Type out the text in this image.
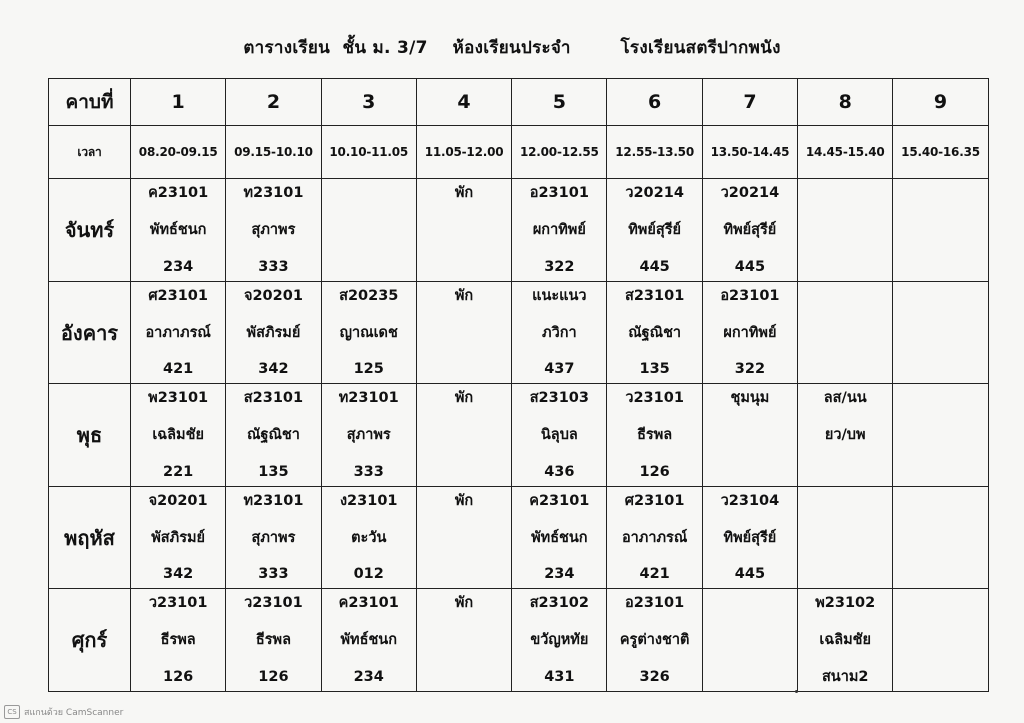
ตารางเรียน  ชั้น ม. 3/7    ห้องเรียนประจำ        โรงเรียนสตรีปากพนัง
คาบที่	1	2	3	4	5	6	7	8	9
เวลา	08.20-09.15	09.15-10.10	10.10-11.05	11.05-12.00	12.00-12.55	12.55-13.50	13.50-14.45	14.45-15.40	15.40-16.35
จันทร์	ค23101
พัทธ์ชนก
234	ท23101
สุภาพร
333		พัก	อ23101
ผกาทิพย์
322	ว20214
ทิพย์สุรีย์
445	ว20214
ทิพย์สุรีย์
445		

อังคาร	ศ23101
อาภาภรณ์
421	จ20201
พัสภิรมย์
342	ส20235
ญาณเดช
125	พัก	แนะแนว
ภวิกา
437	ส23101
ณัฐณิชา
135	อ23101
ผกาทิพย์
322		

พุธ	พ23101
เฉลิมชัย
221	ส23101
ณัฐณิชา
135	ท23101
สุภาพร
333	พัก	ส23103
นิลุบล
436	ว23101
ธีรพล
126	ชุมนุม	ลส/นน
ยว/บพ	

พฤหัส	จ20201
พัสภิรมย์
342	ท23101
สุภาพร
333	ง23101
ตะวัน
012	พัก	ค23101
พัทธ์ชนก
234	ศ23101
อาภาภรณ์
421	ว23104
ทิพย์สุรีย์
445		

ศุกร์	ว23101
ธีรพล
126	ว23101
ธีรพล
126	ค23101
พัทธ์ชนก
234	พัก	ส23102
ขวัญหทัย
431	อ23101
ครูต่างชาติ
326		พ23102
เฉลิมชัย
สนาม2	

CS สแกนด้วย CamScanner
